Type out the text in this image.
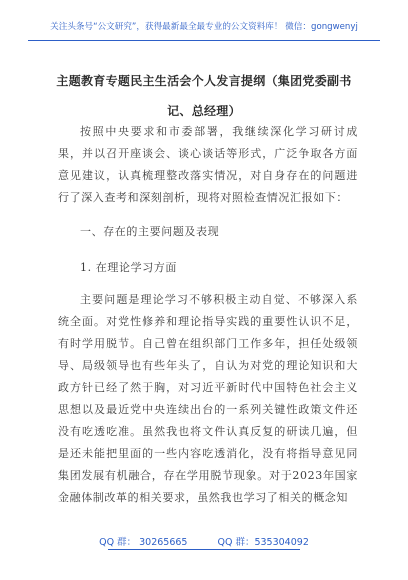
关注头条号“公文研究”，获得最新最全最专业的公文资料库！ 微信：gongwenyj
主题教育专题民主生活会个人发言提纲（集团党委副书记、总经理）

按照中央要求和市委部署，我继续深化学习研讨成果，并以召开座谈会、谈心谈话等形式，广泛争取各方面意见建议，认真梳理整改落实情况，对自身存在的问题进行了深入查考和深刻剖析，现将对照检查情况汇报如下：

一、存在的主要问题及表现

1. 在理论学习方面

主要问题是理论学习不够积极主动自觉、不够深入系统全面。对党性修养和理论指导实践的重要性认识不足，有时学用脱节。自己曾在组织部门工作多年，担任处级领导、局级领导也有些年头了，自认为对党的理论知识和大政方针已经了然于胸，对习近平新时代中国特色社会主义思想以及最近党中央连续出台的一系列关键性政策文件还没有吃透吃准。虽然我也将文件认真反复的研读几遍，但是还未能把里面的一些内容吃透消化，没有将指导意见同集团发展有机融合，存在学用脱节现象。对于2023年国家金融体制改革的相关要求，虽然我也学习了相关的概念知

QQ 群： 30265665	QQ 群：535304092
